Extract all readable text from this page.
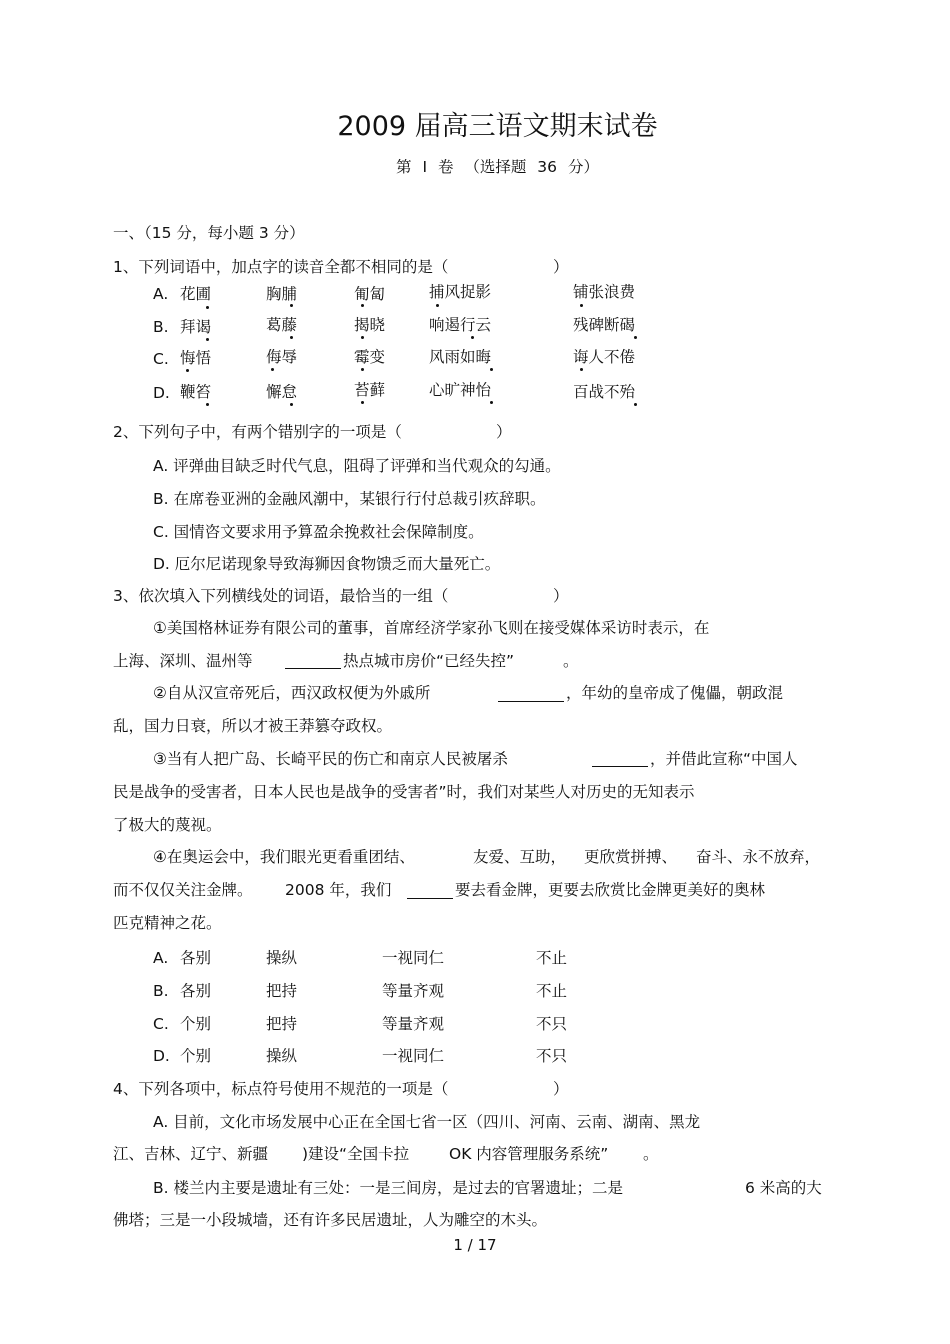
2009 届高三语文期末试卷
第 I 卷 （选择题 36 分）
一、（15 分，每小题 3 分）
1、下列词语中，加点字的读音全都不相同的是（	）
A. 花圃	胸脯	匍匐	捕风捉影	铺张浪费
B. 拜谒	葛藤	揭晓	响遏行云	残碑断碣
C. 悔悟	侮辱	霉变	风雨如晦	诲人不倦
D. 鞭笞	懈怠	苔藓	心旷神怡	百战不殆
2、下列句子中，有两个错别字的一项是（	）
A. 评弹曲目缺乏时代气息，阻碍了评弹和当代观众的勾通。
B. 在席卷亚洲的金融风潮中，某银行行付总裁引疚辞职。
C. 国情咨文要求用予算盈余挽救社会保障制度。
D. 厄尔尼诺现象导致海狮因食物馈乏而大量死亡。
3、依次填入下列横线处的词语，最恰当的一组（	）
①美国格林证券有限公司的董事，首席经济学家孙飞则在接受媒体采访时表示，在
上海、深圳、温州等	热点城市房价“已经失控”	。
②自从汉宣帝死后，西汉政权便为外戚所	，年幼的皇帝成了傀儡，朝政混
乱，国力日衰，所以才被王莽篡夺政权。
③当有人把广岛、长崎平民的伤亡和南京人民被屠杀	，并借此宣称“中国人
民是战争的受害者，日本人民也是战争的受害者”时，我们对某些人对历史的无知表示
了极大的蔑视。
④在奥运会中，我们眼光更看重团结、	友爱、互助， 更欣赏拼搏、 奋斗、永不放弃，
而不仅仅关注金牌。 2008 年，我们	要去看金牌，更要去欣赏比金牌更美好的奥林
匹克精神之花。
A. 各别	操纵	一视同仁	不止
B. 各别	把持	等量齐观	不止
C. 个别	把持	等量齐观	不只
D. 个别	操纵	一视同仁	不只
4、下列各项中，标点符号使用不规范的一项是（	）
A. 目前，文化市场发展中心正在全国七省一区（四川、河南、云南、湖南、黑龙
江、吉林、辽宁、新疆 )建设“全国卡拉	OK 内容管理服务系统” 。
B. 楼兰内主要是遗址有三处：一是三间房，是过去的官署遗址；二是	6 米高的大
佛塔；三是一小段城墙，还有许多民居遗址，人为雕空的木头。
1 / 17
